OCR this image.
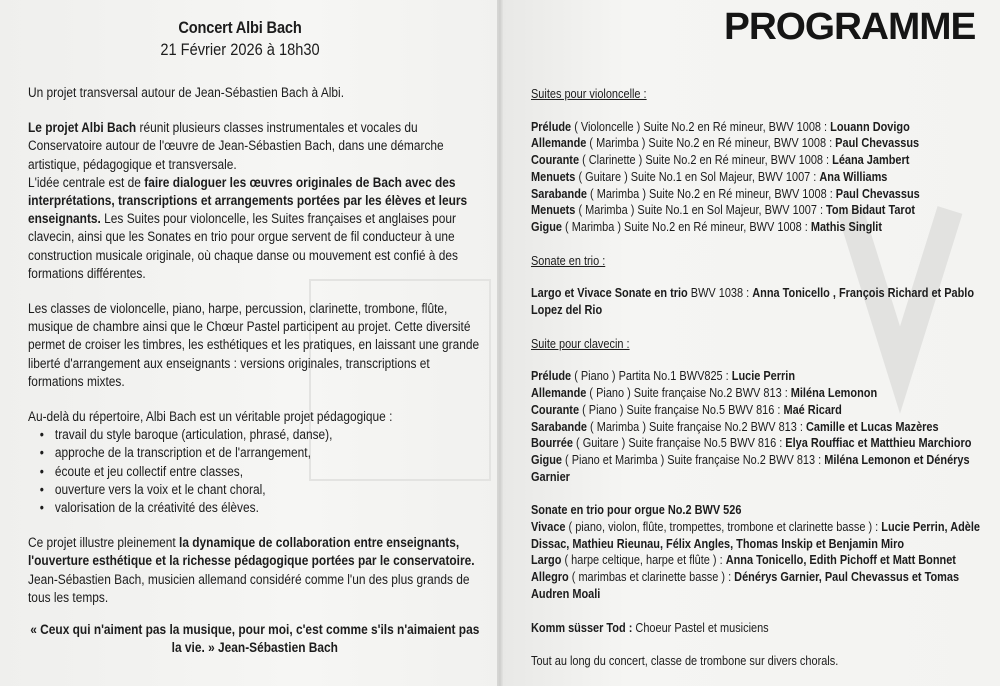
Concert Albi Bach
21 Février 2026 à 18h30

Un projet transversal autour de Jean-Sébastien Bach à Albi.

Le projet Albi Bach réunit plusieurs classes instrumentales et vocales du Conservatoire autour de l'œuvre de Jean-Sébastien Bach, dans une démarche artistique, pédagogique et transversale.

L'idée centrale est de faire dialoguer les œuvres originales de Bach avec des interprétations, transcriptions et arrangements portées par les élèves et leurs enseignants. Les Suites pour violoncelle, les Suites françaises et anglaises pour clavecin, ainsi que les Sonates en trio pour orgue servent de fil conducteur à une construction musicale originale, où chaque danse ou mouvement est confié à des formations différentes.

Les classes de violoncelle, piano, harpe, percussion, clarinette, trombone, flûte, musique de chambre ainsi que le Chœur Pastel participent au projet. Cette diversité permet de croiser les timbres, les esthétiques et les pratiques, en laissant une grande liberté d'arrangement aux enseignants : versions originales, transcriptions et formations mixtes.

Au-delà du répertoire, Albi Bach est un véritable projet pédagogique :

• travail du style baroque (articulation, phrasé, danse),
• approche de la transcription et de l'arrangement,
• écoute et jeu collectif entre classes,
• ouverture vers la voix et le chant choral,
• valorisation de la créativité des élèves.

Ce projet illustre pleinement la dynamique de collaboration entre enseignants, l'ouverture esthétique et la richesse pédagogique portées par le conservatoire. Jean-Sébastien Bach, musicien allemand considéré comme l'un des plus grands de tous les temps.

« Ceux qui n'aiment pas la musique, pour moi, c'est comme s'ils n'aimaient pas la vie. » Jean-Sébastien Bach

PROGRAMME
Suites pour violoncelle :
Prélude ( Violoncelle ) Suite No.2 en Ré mineur, BWV 1008 : Louann Dovigo
Allemande ( Marimba ) Suite No.2 en Ré mineur, BWV 1008 : Paul Chevassus
Courante ( Clarinette ) Suite No.2 en Ré mineur, BWV 1008 : Léana Jambert
Menuets ( Guitare ) Suite No.1 en Sol Majeur, BWV 1007 : Ana Williams
Sarabande ( Marimba ) Suite No.2 en Ré mineur, BWV 1008 : Paul Chevassus
Menuets ( Marimba ) Suite No.1 en Sol Majeur, BWV 1007 : Tom Bidaut Tarot
Gigue ( Marimba ) Suite No.2 en Ré mineur, BWV 1008 : Mathis Singlit
Sonate en trio :
Largo et Vivace Sonate en trio BWV 1038 : Anna Tonicello , François Richard et Pablo Lopez del Rio
Suite pour clavecin :
Prélude ( Piano ) Partita No.1 BWV825 : Lucie Perrin
Allemande ( Piano ) Suite française No.2 BWV 813 : Miléna Lemonon
Courante ( Piano ) Suite française No.5 BWV 816 : Maé Ricard
Sarabande ( Marimba ) Suite française No.2 BWV 813 : Camille et Lucas Mazères
Bourrée ( Guitare ) Suite française No.5 BWV 816 : Elya Rouffiac et Matthieu Marchioro
Gigue ( Piano et Marimba ) Suite française No.2 BWV 813 : Miléna Lemonon et Dénérys Garnier
Sonate en trio pour orgue No.2 BWV 526
Vivace ( piano, violon, flûte, trompettes, trombone et clarinette basse ) : Lucie Perrin, Adèle Dissac, Mathieu Rieunau, Félix Angles, Thomas Inskip et Benjamin Miro
Largo ( harpe celtique, harpe et flûte ) : Anna Tonicello, Edith Pichoff et Matt Bonnet
Allegro ( marimbas et clarinette basse ) : Dénérys Garnier, Paul Chevassus et Tomas Audren Moali
Komm süsser Tod : Choeur Pastel et musiciens
Tout au long du concert, classe de trombone sur divers chorals.
